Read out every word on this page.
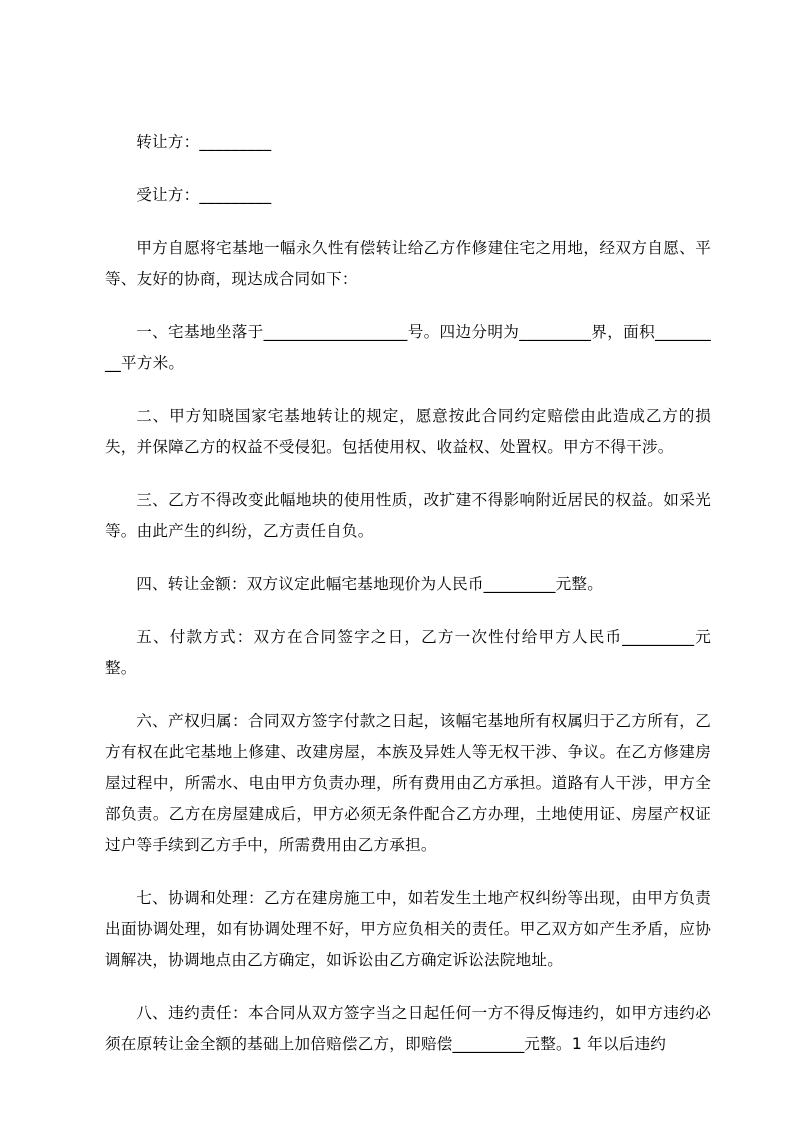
转让方：_________

受让方：_________

甲方自愿将宅基地一幅永久性有偿转让给乙方作修建住宅之用地，经双方自愿、平等、友好的协商，现达成合同如下：

一、宅基地坐落于__________________号。四边分明为_________界，面积_________平方米。

二、甲方知晓国家宅基地转让的规定，愿意按此合同约定赔偿由此造成乙方的损失，并保障乙方的权益不受侵犯。包括使用权、收益权、处置权。甲方不得干涉。

三、乙方不得改变此幅地块的使用性质，改扩建不得影响附近居民的权益。如采光等。由此产生的纠纷，乙方责任自负。

四、转让金额：双方议定此幅宅基地现价为人民币_________元整。

五、付款方式：双方在合同签字之日，乙方一次性付给甲方人民币_________元整。

六、产权归属：合同双方签字付款之日起，该幅宅基地所有权属归于乙方所有，乙方有权在此宅基地上修建、改建房屋，本族及异姓人等无权干涉、争议。在乙方修建房屋过程中，所需水、电由甲方负责办理，所有费用由乙方承担。道路有人干涉，甲方全部负责。乙方在房屋建成后，甲方必须无条件配合乙方办理，土地使用证、房屋产权证过户等手续到乙方手中，所需费用由乙方承担。

七、协调和处理：乙方在建房施工中，如若发生土地产权纠纷等出现，由甲方负责出面协调处理，如有协调处理不好，甲方应负相关的责任。甲乙双方如产生矛盾，应协调解决，协调地点由乙方确定，如诉讼由乙方确定诉讼法院地址。

八、违约责任：本合同从双方签字当之日起任何一方不得反悔违约，如甲方违约必须在原转让金全额的基础上加倍赔偿乙方，即赔偿_________元整。1 年以后违约
